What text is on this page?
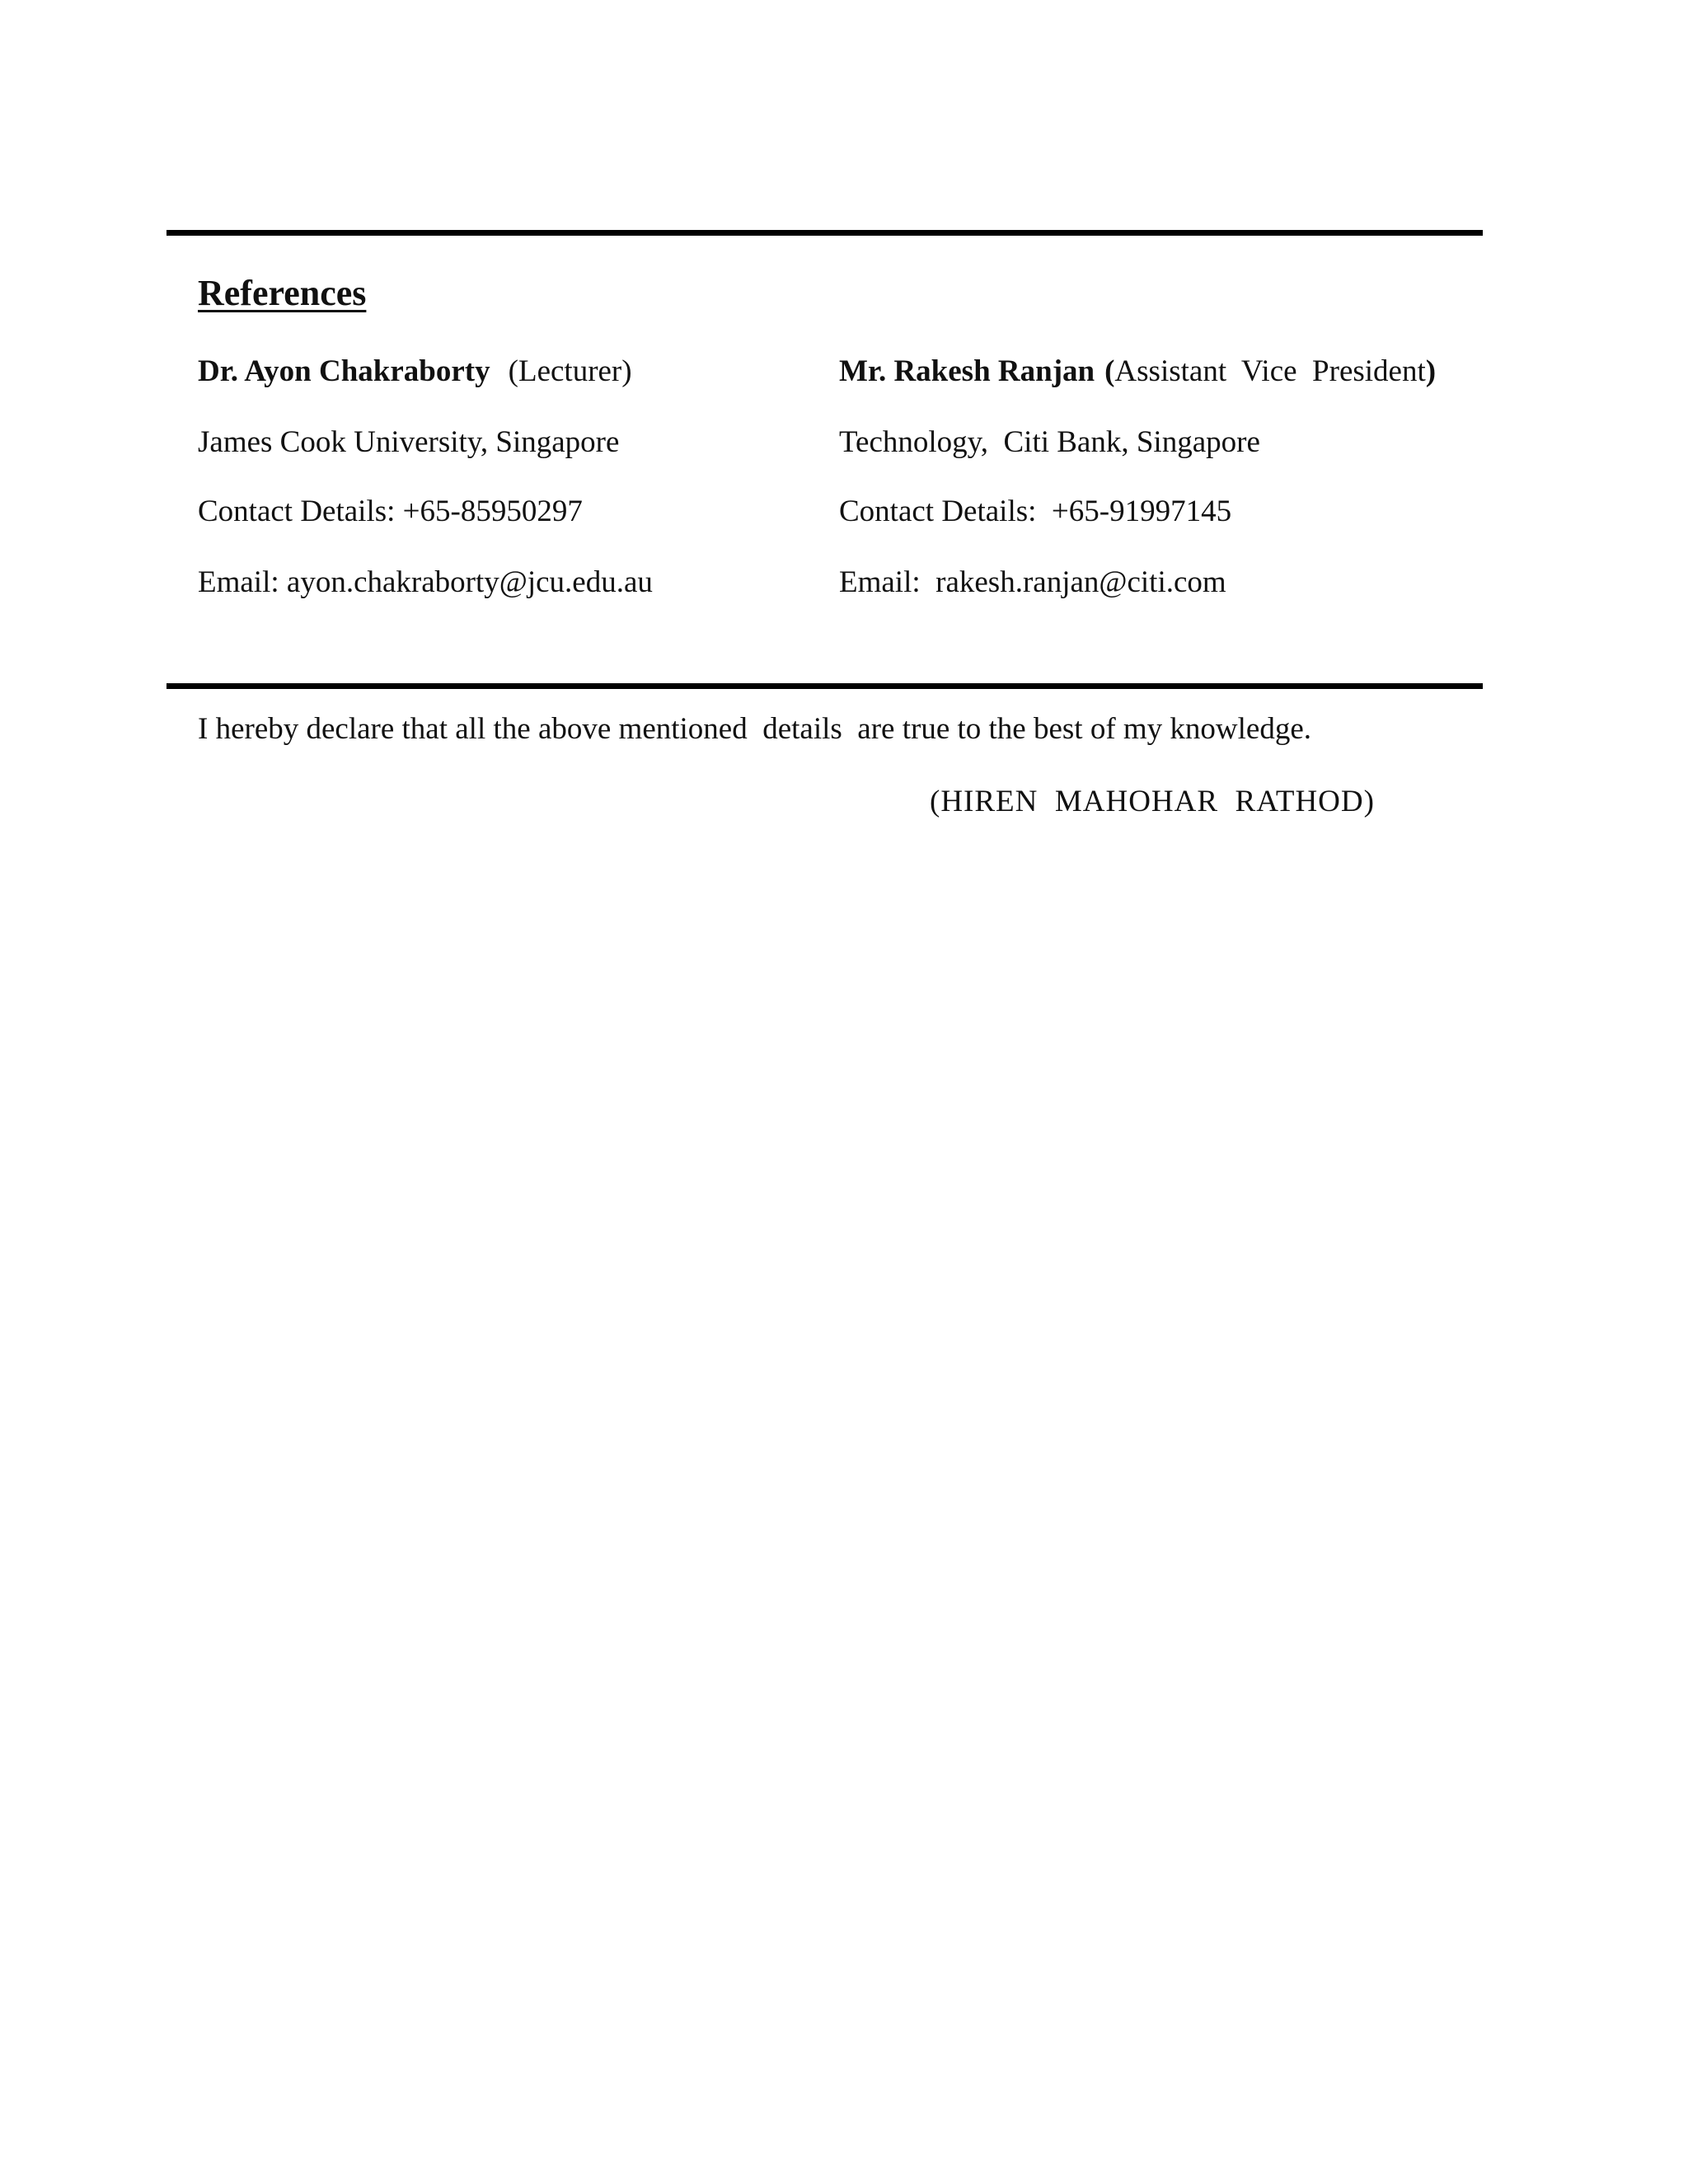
References
Dr. Ayon Chakraborty (Lecturer)
James Cook University, Singapore
Contact Details: +65-85950297
Email: ayon.chakraborty@jcu.edu.au
Mr. Rakesh Ranjan (Assistant  Vice  President)
Technology,  Citi Bank, Singapore
Contact Details:  +65-91997145
Email:  rakesh.ranjan@citi.com
I hereby declare that all the above mentioned  details  are true to the best of my knowledge.
(HIREN  MAHOHAR  RATHOD)
